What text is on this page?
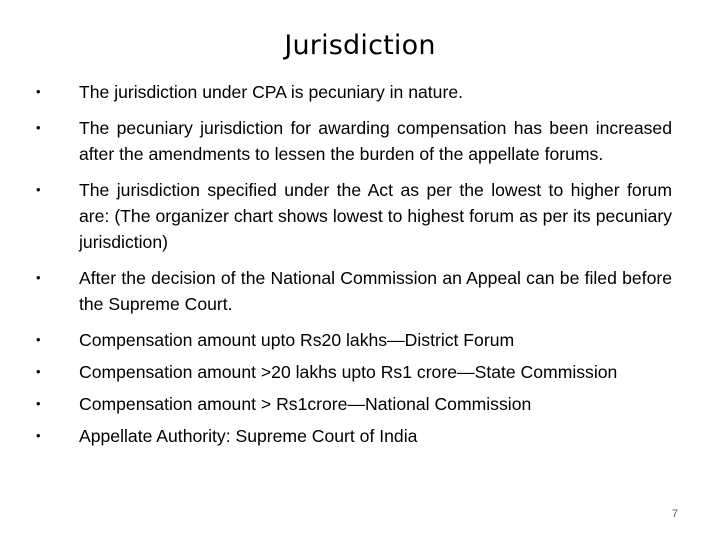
Jurisdiction
• The jurisdiction under CPA is pecuniary in nature.
• The pecuniary jurisdiction for awarding compensation has been increased after the amendments to lessen the burden of the appellate forums.
• The jurisdiction specified under the Act as per the lowest to higher forum are: (The organizer chart shows lowest to highest forum as per its pecuniary jurisdiction)
• After the decision of the National Commission an Appeal can be filed before the Supreme Court.
• Compensation amount upto Rs20 lakhs—District Forum
• Compensation amount >20 lakhs upto Rs1 crore—State Commission
• Compensation amount > Rs1crore—National Commission
• Appellate Authority: Supreme Court of India
7
